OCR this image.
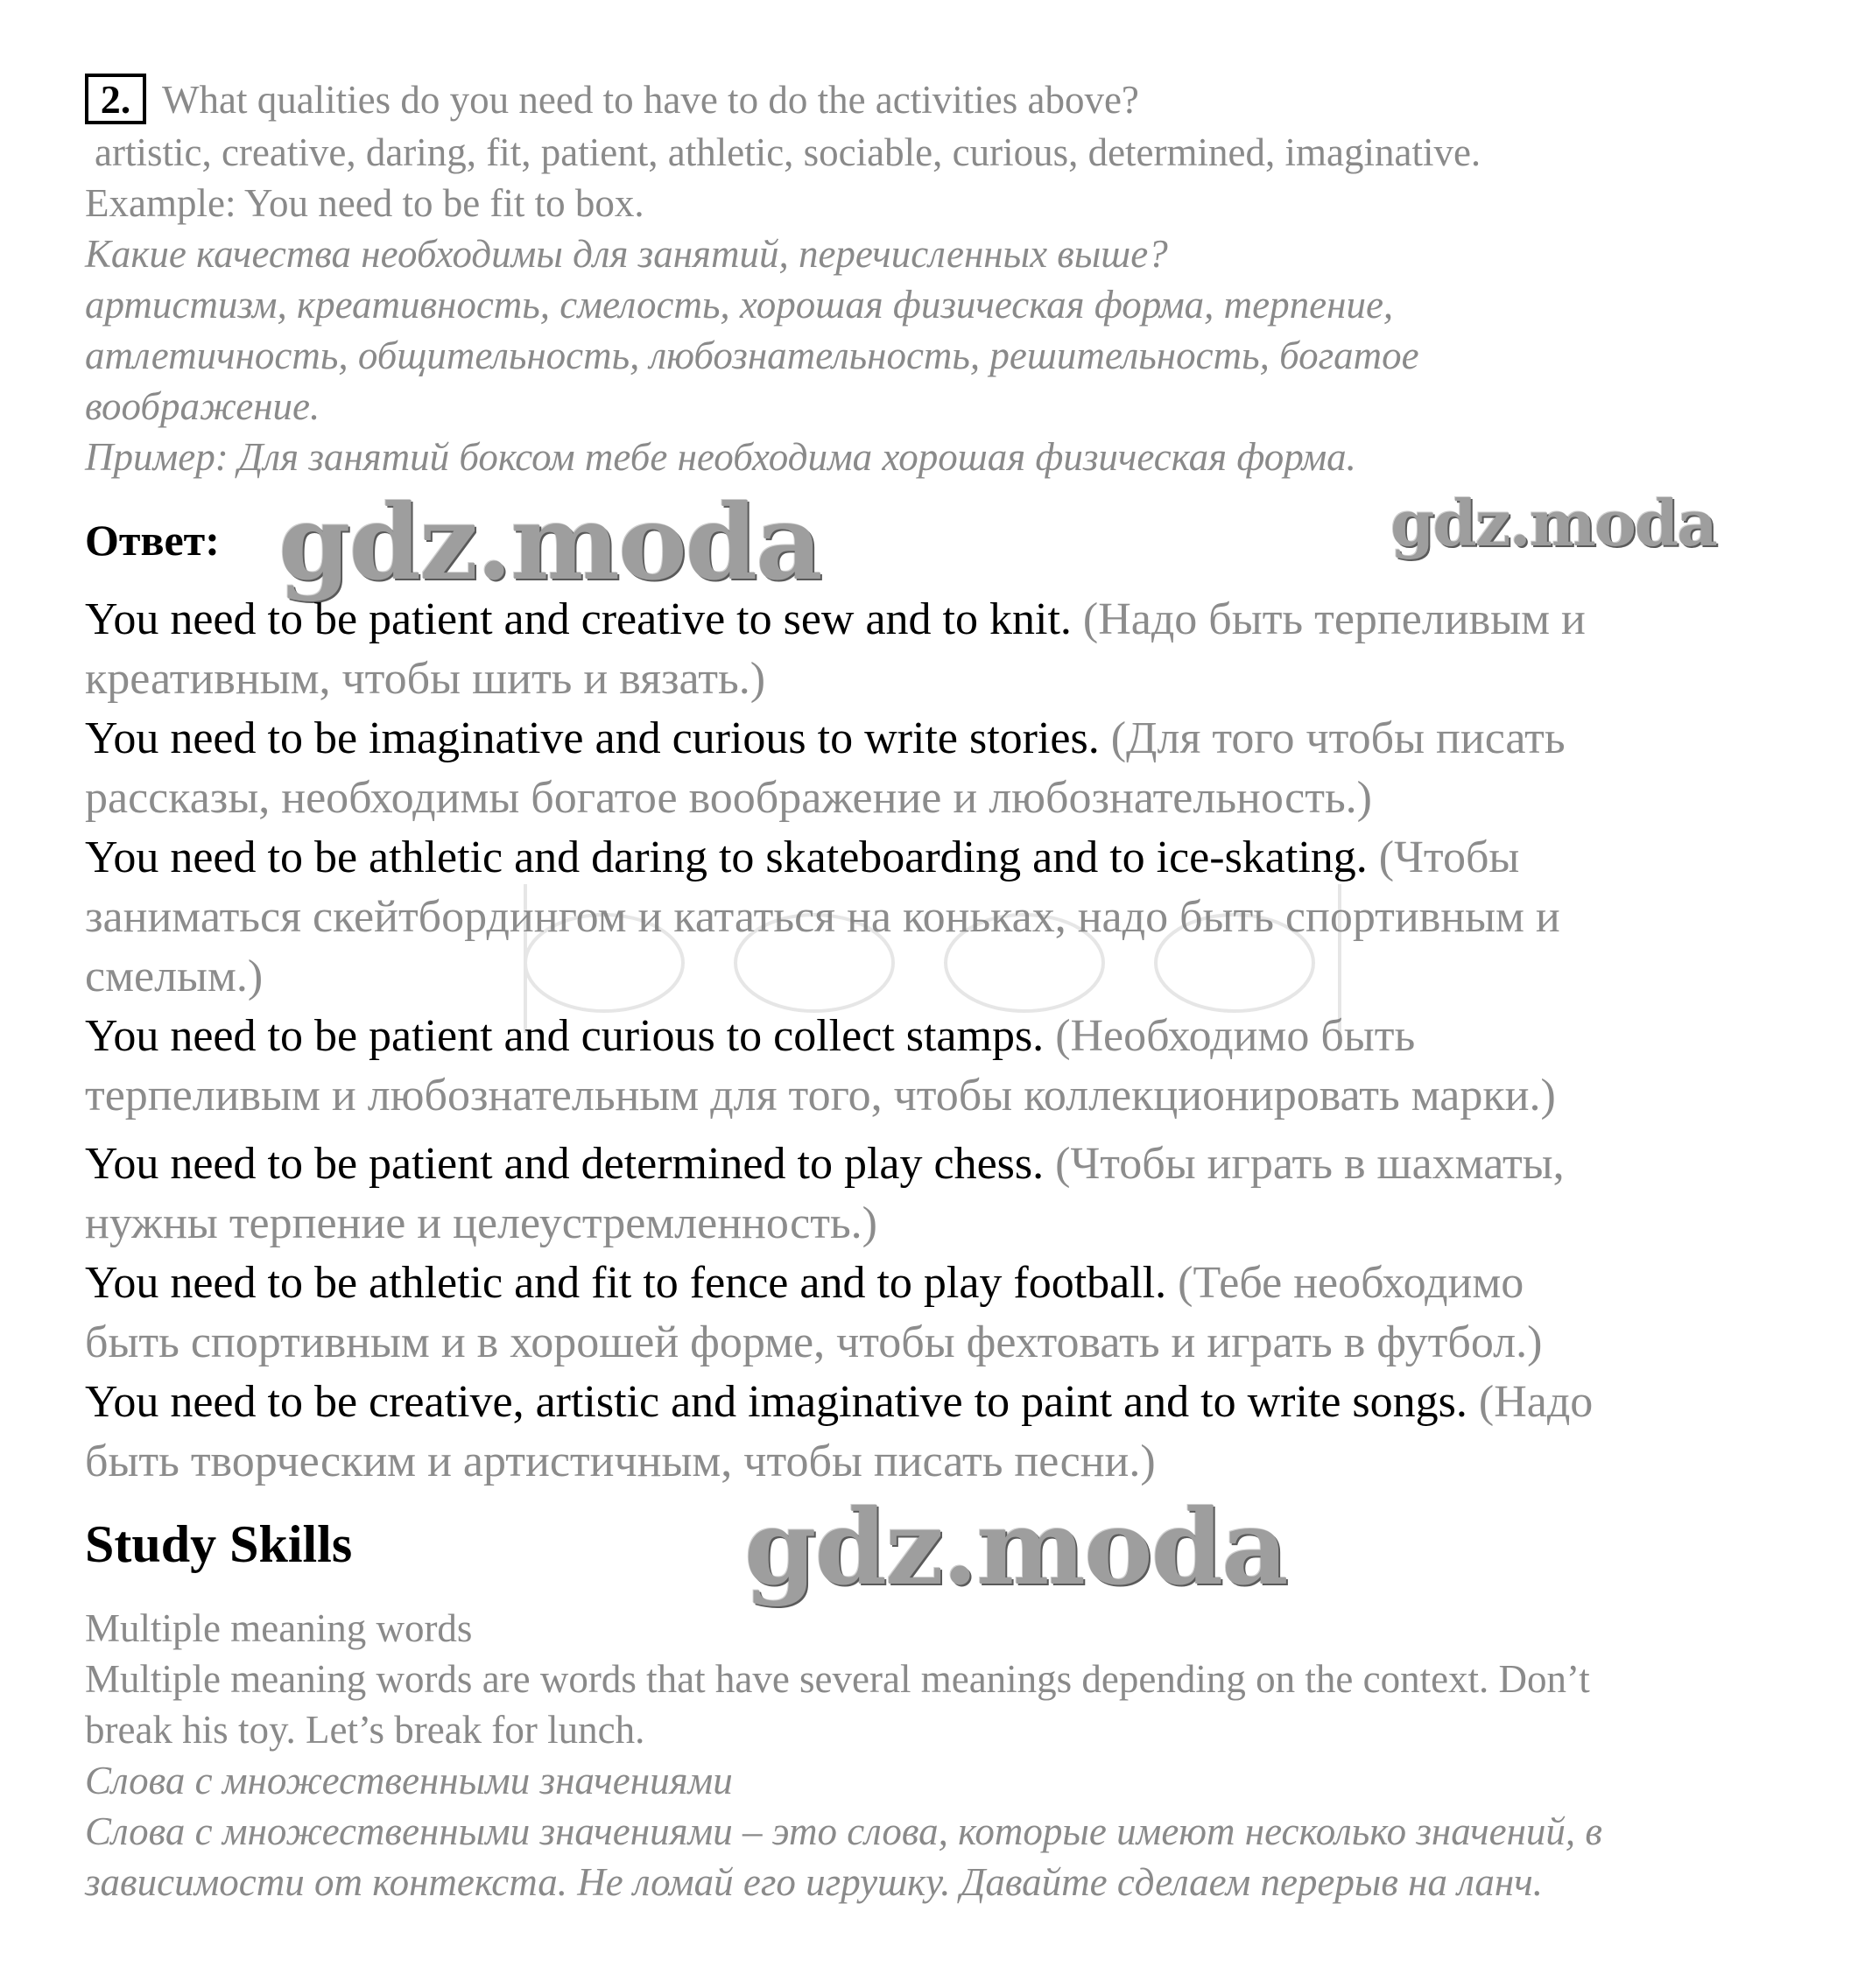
2. What qualities do you need to have to do the activities above?
artistic, creative, daring, fit, patient, athletic, sociable, curious, determined, imaginative.
Example: You need to be fit to box.
Какие качества необходимы для занятий, перечисленных выше?
артистизм, креативность, смелость, хорошая физическая форма, терпение,
атлетичность, общительность, любознательность, решительность, богатое
воображение.
Пример: Для занятий боксом тебе необходима хорошая физическая форма.
Ответ: gdz.moda	gdz.moda
You need to be patient and creative to sew and to knit. (Надо быть терпеливым и
креативным, чтобы шить и вязать.)
You need to be imaginative and curious to write stories. (Для того чтобы писать
рассказы, необходимы богатое воображение и любознательность.)
You need to be athletic and daring to skateboarding and to ice-skating. (Чтобы
заниматься скейтбордингом и кататься на коньках, надо быть спортивным и
смелым.)
You need to be patient and curious to collect stamps. (Необходимо быть
терпеливым и любознательным для того, чтобы коллекционировать марки.)
You need to be patient and determined to play chess. (Чтобы играть в шахматы,
нужны терпение и целеустремленность.)
You need to be athletic and fit to fence and to play football. (Тебе необходимо
быть спортивным и в хорошей форме, чтобы фехтовать и играть в футбол.)
You need to be creative, artistic and imaginative to paint and to write songs. (Надо
быть творческим и артистичным, чтобы писать песни.)
Study Skills	gdz.moda
Multiple meaning words
Multiple meaning words are words that have several meanings depending on the context. Don’t
break his toy. Let’s break for lunch.
Слова с множественными значениями
Слова с множественными значениями – это слова, которые имеют несколько значений, в
зависимости от контекста. Не ломай его игрушку. Давайте сделаем перерыв на ланч.
